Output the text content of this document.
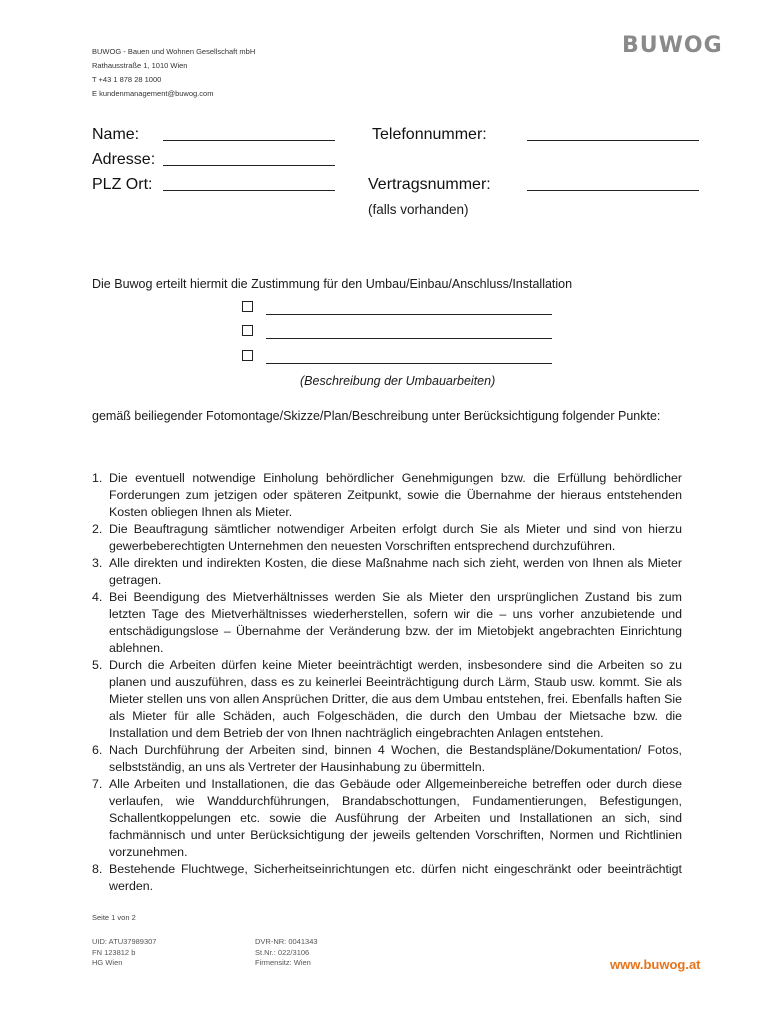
BUWOG - Bauen und Wohnen Gesellschaft mbH
Rathausstraße 1, 1010 Wien
T +43 1 878 28 1000
E kundenmanagement@buwog.com
BUWOG
Name:	Telefonnummer:
Adresse:
PLZ Ort:	Vertragsnummer:
(falls vorhanden)
Die Buwog erteilt hiermit die Zustimmung für den Umbau/Einbau/Anschluss/Installation
(Beschreibung der Umbauarbeiten)
gemäß beiliegender Fotomontage/Skizze/Plan/Beschreibung unter Berücksichtigung folgender Punkte:
1. Die eventuell notwendige Einholung behördlicher Genehmigungen bzw. die Erfüllung behördlicher Forderungen zum jetzigen oder späteren Zeitpunkt, sowie die Übernahme der hieraus entstehenden Kosten obliegen Ihnen als Mieter.
2. Die Beauftragung sämtlicher notwendiger Arbeiten erfolgt durch Sie als Mieter und sind von hierzu gewerbeberechtigten Unternehmen den neuesten Vorschriften entsprechend durchzuführen.
3. Alle direkten und indirekten Kosten, die diese Maßnahme nach sich zieht, werden von Ihnen als Mieter getragen.
4. Bei Beendigung des Mietverhältnisses werden Sie als Mieter den ursprünglichen Zustand bis zum letzten Tage des Mietverhältnisses wiederherstellen, sofern wir die – uns vorher anzubietende und entschädigungslose – Übernahme der Veränderung bzw. der im Mietobjekt angebrachten Einrichtung ablehnen.
5. Durch die Arbeiten dürfen keine Mieter beeinträchtigt werden, insbesondere sind die Arbeiten so zu planen und auszuführen, dass es zu keinerlei Beeinträchtigung durch Lärm, Staub usw. kommt. Sie als Mieter stellen uns von allen Ansprüchen Dritter, die aus dem Umbau entstehen, frei. Ebenfalls haften Sie als Mieter für alle Schäden, auch Folgeschäden, die durch den Umbau der Mietsache bzw. die Installation und dem Betrieb der von Ihnen nachträglich eingebrachten Anlagen entstehen.
6. Nach Durchführung der Arbeiten sind, binnen 4 Wochen, die Bestandspläne/Dokumentation/ Fotos, selbstständig, an uns als Vertreter der Hausinhabung zu übermitteln.
7. Alle Arbeiten und Installationen, die das Gebäude oder Allgemeinbereiche betreffen oder durch diese verlaufen, wie Wanddurchführungen, Brandabschottungen, Fundamentierungen, Befestigungen, Schallentkoppelungen etc. sowie die Ausführung der Arbeiten und Installationen an sich, sind fachmännisch und unter Berücksichtigung der jeweils geltenden Vorschriften, Normen und Richtlinien vorzunehmen.
8. Bestehende Fluchtwege, Sicherheitseinrichtungen etc. dürfen nicht eingeschränkt oder beeinträchtigt werden.
Seite 1 von 2
UID: ATU37989307
FN 123812 b
HG Wien
DVR-NR: 0041343
St.Nr.: 022/3106
Firmensitz: Wien	www.buwog.at
